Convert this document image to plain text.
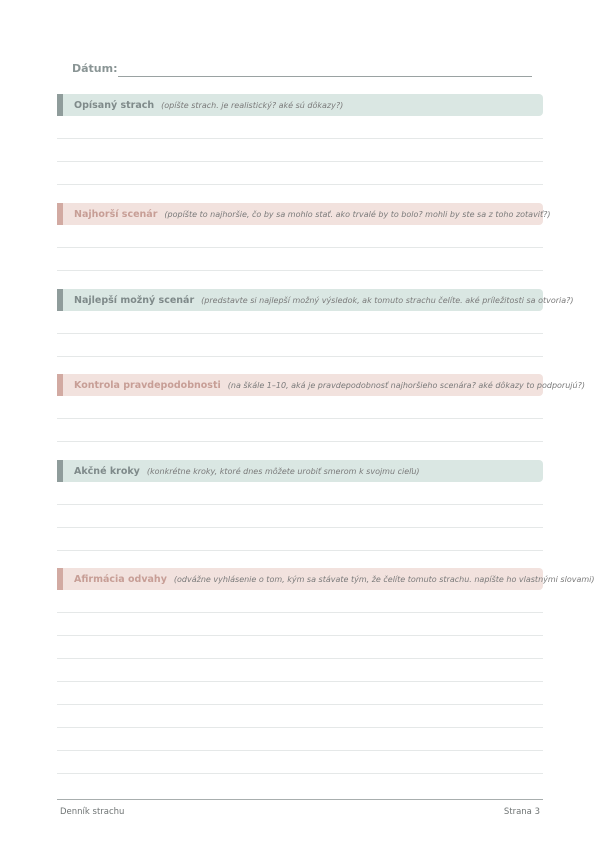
Dátum:
Opísaný strach (opíšte strach. je realistický? aké sú dôkazy?)
Najhorší scenár (popíšte to najhoršie, čo by sa mohlo stať. ako trvalé by to bolo? mohli by ste sa z toho zotaviť?)
Najlepší možný scenár (predstavte si najlepší možný výsledok, ak tomuto strachu čelíte. aké príležitosti sa otvoria?)
Kontrola pravdepodobnosti (na škále 1–10, aká je pravdepodobnosť najhoršieho scenára? aké dôkazy to podporujú?)
Akčné kroky (konkrétne kroky, ktoré dnes môžete urobiť smerom k svojmu cieľu)
Afirmácia odvahy (odvážne vyhlásenie o tom, kým sa stávate tým, že čelíte tomuto strachu. napíšte ho vlastnými slovami)
Denník strachu	Strana 3
